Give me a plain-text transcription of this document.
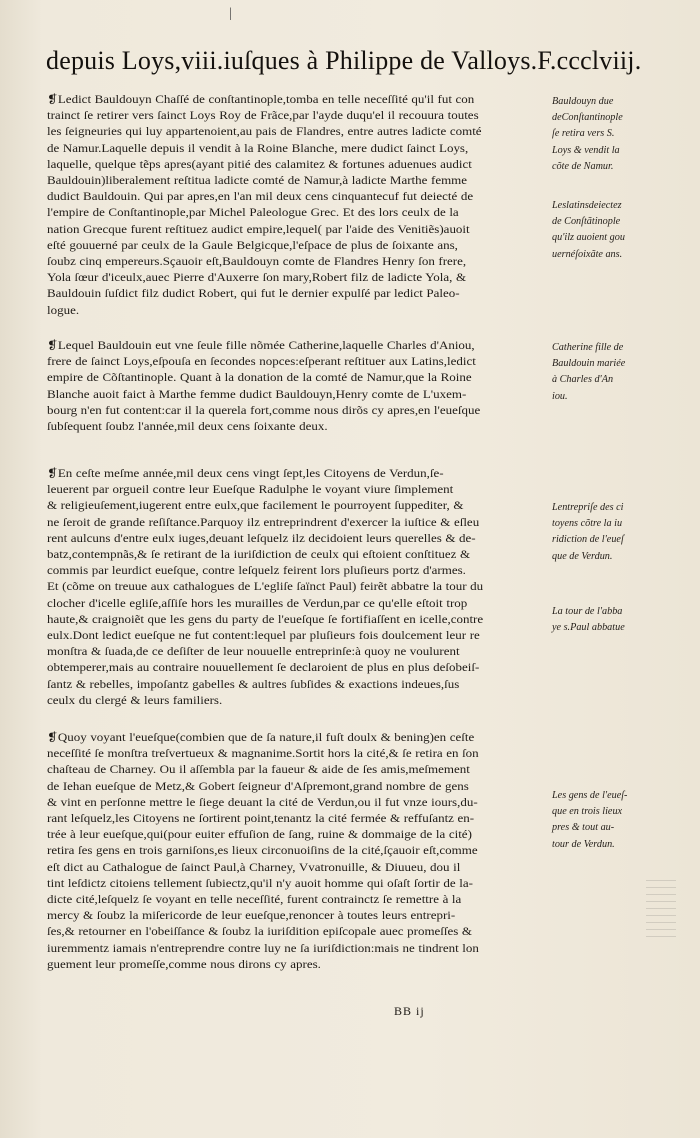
|
depuis Loys,viii.iuſques à Philippe de Valloys.F.ccclviij.
❡Ledict Bauldouyn Chaſſé de conſtantinople,tomba en telle neceſſité qu'il fut con
trainct ſe retirer vers ſainct Loys Roy de Frãce,par l'ayde duqu'el il recouura toutes
les ſeigneuries qui luy appartenoient,au pais de Flandres, entre autres ladicte comté
de Namur.Laquelle depuis il vendit à la Roine Blanche, mere dudict ſainct Loys,
laquelle, quelque tẽps apres(ayant pitié des calamitez & fortunes aduenues audict
Bauldouin)liberalement reſtitua ladicte comté de Namur,à ladicte Marthe femme
dudict Bauldouin. Qui par apres,en l'an mil deux cens cinquantecuf fut deiecté de
l'empire de Conſtantinople,par Michel Paleologue Grec. Et des lors ceulx de la
nation Grecque furent reſtituez audict empire,lequel( par l'aide des Venitiẽs)auoit
eſté gouuerné par ceulx de la Gaule Belgicque,l'eſpace de plus de ſoixante ans,
ſoubz cinq empereurs.Sçauoir eſt,Bauldouyn comte de Flandres Henry ſon frere,
Yola ſœur d'iceulx,auec Pierre d'Auxerre ſon mary,Robert filz de ladicte Yola, &
Bauldouin ſuſdict filz dudict Robert, qui fut le dernier expulſé par ledict Paleo-
logue.
❡Lequel Bauldouin eut vne ſeule fille nõmée Catherine,laquelle Charles d'Aniou,
frere de ſainct Loys,eſpouſa en ſecondes nopces:eſperant reſtituer aux Latins,ledict
empire de Cõſtantinople. Quant à la donation de la comté de Namur,que la Roine
Blanche auoit faict à Marthe femme dudict Bauldouyn,Henry comte de L'uxem-
bourg n'en fut content:car il la querela fort,comme nous dirõs cy apres,en l'eueſque
ſubſequent ſoubz l'année,mil deux cens ſoixante deux.
❡En ceſte meſme année,mil deux cens vingt ſept,les Citoyens de Verdun,ſe-
leuerent par orgueil contre leur Eueſque Radulphe le voyant viure ſimplement
& religieuſement,iugerent entre eulx,que facilement le pourroyent ſuppediter, &
ne ſeroit de grande reſiſtance.Parquoy ilz entreprindrent d'exercer la iuſtice & eſleu
rent aulcuns d'entre eulx iuges,deuant leſquelz ilz decidoient leurs querelles & de-
batz,contempnãs,& ſe retirant de la iuriſdiction de ceulx qui eſtoient conſtituez &
commis par leurdict eueſque, contre leſquelz feirent lors pluſieurs portz d'armes.
Et (cõme on treuue aux cathalogues de L'egliſe ſaïnct Paul) feirẽt abbatre la tour du
clocher d'icelle egliſe,aſſiſe hors les murailles de Verdun,par ce qu'elle eſtoit trop
haute,& craignoiẽt que les gens du party de l'eueſque ſe fortifiaſſent en icelle,contre
eulx.Dont ledict eueſque ne fut content:lequel par pluſieurs fois doulcement leur re
monſtra & ſuada,de ce deſiſter de leur nouuelle entreprinſe:à quoy ne voulurent
obtemperer,mais au contraire nouuellement ſe declaroient de plus en plus deſobeiſ-
ſantz & rebelles, impoſantz gabelles & aultres ſubſides & exactions indeues,ſus
ceulx du clergé & leurs familiers.
❡Quoy voyant l'eueſque(combien que de ſa nature,il fuſt doulx & bening)en ceſte
neceſſité ſe monſtra treſvertueux & magnanime.Sortit hors la cité,& ſe retira en ſon
chaſteau de Charney. Ou il aſſembla par la faueur & aide de ſes amis,meſmement
de Iehan eueſque de Metz,& Gobert ſeigneur d'Aſpremont,grand nombre de gens
& vint en perſonne mettre le ſiege deuant la cité de Verdun,ou il fut vnze iours,du-
rant leſquelz,les Citoyens ne ſortirent point,tenantz la cité fermée & reffuſantz en-
trée à leur eueſque,qui(pour euiter effuſion de ſang, ruine & dommaige de la cité)
retira ſes gens en trois garniſons,es lieux circonuoiſins de la cité,ſçauoir eſt,comme
eſt dict au Cathalogue de ſainct Paul,à Charney, Vvatronuille, & Diuueu, dou il
tint leſdictz citoiens tellement ſubiectz,qu'il n'y auoit homme qui oſaſt ſortir de la-
dicte cité,leſquelz ſe voyant en telle neceſſité, furent contrainctz ſe remettre à la
mercy & ſoubz la miſericorde de leur eueſque,renoncer à toutes leurs entrepri-
ſes,& retourner en l'obeiſſance & ſoubz la iuriſdition epiſcopale auec promeſſes &
iuremmentz iamais n'entreprendre contre luy ne ſa iuriſdiction:mais ne tindrent lon
guement leur promeſſe,comme nous dirons cy apres.
Bauldouyn due
deConſtantinople
ſe retira vers S.
Loys & vendit la
cõte de Namur.
Leslatinsdeiectez
de Conſtãtinople
qu'ilz auoient gou
uernéſoixãte ans.
Catherine fille de
Bauldouin mariée
à Charles d'An
iou.
Lentrepriſe des ci
toyens cõtre la iu
ridiction de l'eueſ
que de Verdun.
La tour de l'abba
ye s.Paul abbatue
Les gens de l'eueſ-
que en trois lieux
pres & tout au-
tour de Verdun.
BB ij
